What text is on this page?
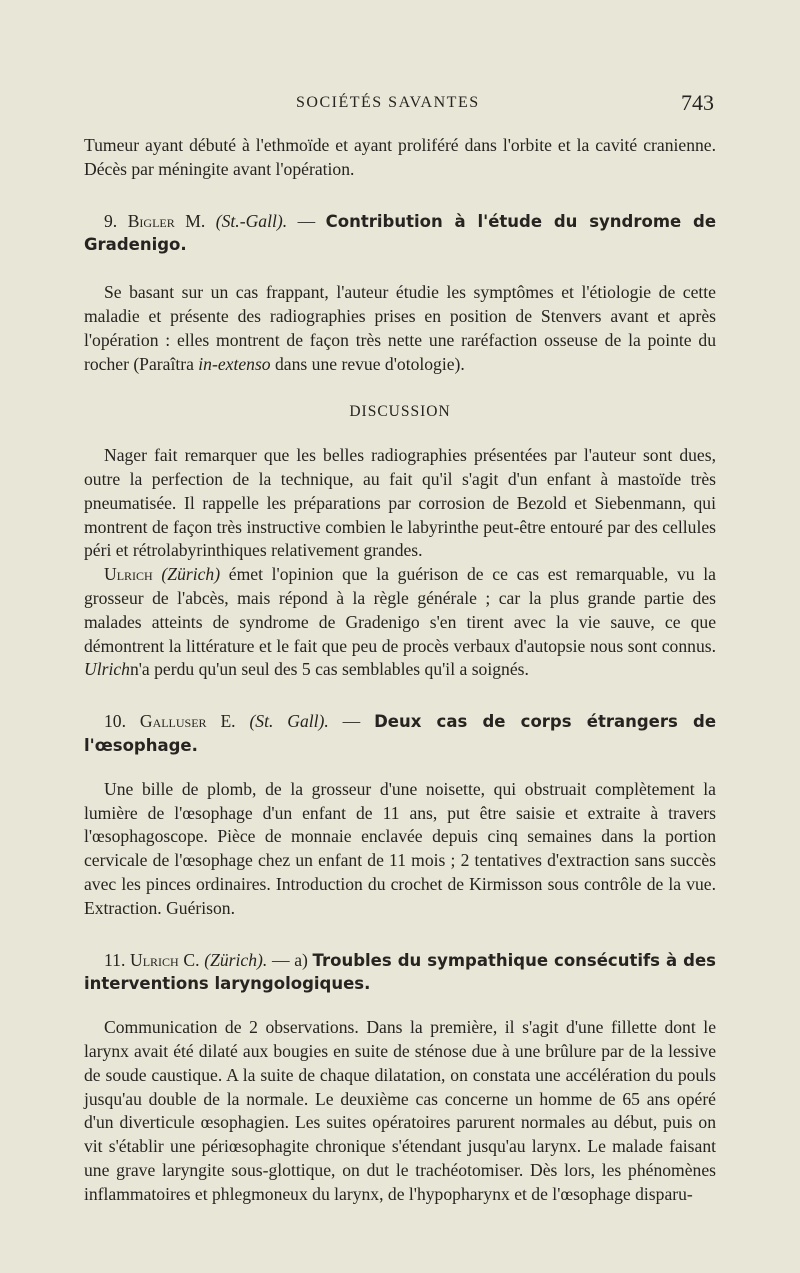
SOCIÉTÉS SAVANTES	743

Tumeur ayant débuté à l'ethmoïde et ayant proliféré dans l'orbite et la cavité cranienne. Décès par méningite avant l'opération.

9. Bigler M. (St.-Gall). — Contribution à l'étude du syndrome de Gradenigo.

Se basant sur un cas frappant, l'auteur étudie les symptômes et l'étiologie de cette maladie et présente des radiographies prises en position de Stenvers avant et après l'opération : elles montrent de façon très nette une raréfaction osseuse de la pointe du rocher (Paraîtra in-extenso dans une revue d'otologie).

DISCUSSION

Nager fait remarquer que les belles radiographies présentées par l'auteur sont dues, outre la perfection de la technique, au fait qu'il s'agit d'un enfant à mastoïde très pneumatisée. Il rappelle les préparations par corrosion de Bezold et Siebenmann, qui montrent de façon très instructive combien le labyrinthe peut-être entouré par des cellules péri et rétrolabyrinthiques relativement grandes.

Ulrich (Zürich) émet l'opinion que la guérison de ce cas est remarquable, vu la grosseur de l'abcès, mais répond à la règle générale ; car la plus grande partie des malades atteints de syndrome de Gradenigo s'en tirent avec la vie sauve, ce que démontrent la littérature et le fait que peu de procès verbaux d'autopsie nous sont connus. Ulrichn'a perdu qu'un seul des 5 cas semblables qu'il a soignés.

10. Galluser E. (St. Gall). — Deux cas de corps étrangers de l'œsophage.

Une bille de plomb, de la grosseur d'une noisette, qui obstruait complètement la lumière de l'œsophage d'un enfant de 11 ans, put être saisie et extraite à travers l'œsophagoscope. Pièce de monnaie enclavée depuis cinq semaines dans la portion cervicale de l'œsophage chez un enfant de 11 mois ; 2 tentatives d'extraction sans succès avec les pinces ordinaires. Introduction du crochet de Kirmisson sous contrôle de la vue. Extraction. Guérison.

11. Ulrich C. (Zürich). — a) Troubles du sympathique consécutifs à des interventions laryngologiques.

Communication de 2 observations. Dans la première, il s'agit d'une fillette dont le larynx avait été dilaté aux bougies en suite de sténose due à une brûlure par de la lessive de soude caustique. A la suite de chaque dilatation, on constata une accélération du pouls jusqu'au double de la normale. Le deuxième cas concerne un homme de 65 ans opéré d'un diverticule œsophagien. Les suites opératoires parurent normales au début, puis on vit s'établir une périœsophagite chronique s'étendant jusqu'au larynx. Le malade faisant une grave laryngite sous-glottique, on dut le trachéotomiser. Dès lors, les phénomènes inflammatoires et phlegmoneux du larynx, de l'hypopharynx et de l'œsophage disparu-
